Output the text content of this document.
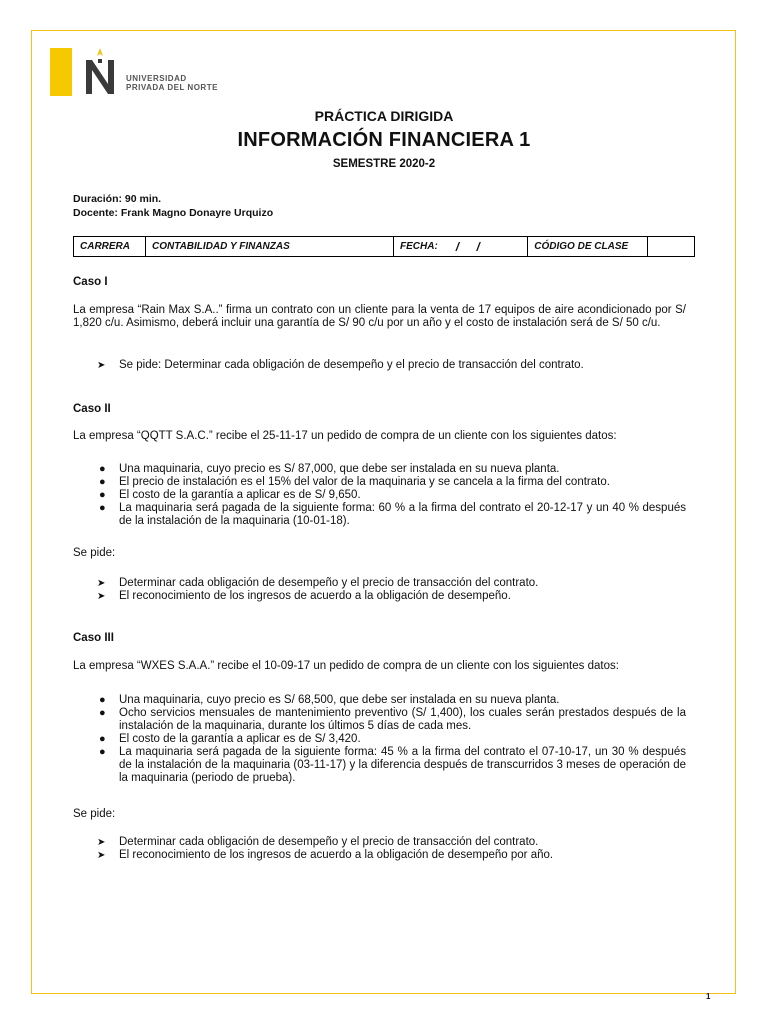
UNIVERSIDAD
PRIVADA DEL NORTE
PRÁCTICA DIRIGIDA
INFORMACIÓN FINANCIERA 1
SEMESTRE 2020-2
Duración: 90 min.
Docente: Frank Magno Donayre Urquizo
CARRERA	CONTABILIDAD Y FINANZAS	FECHA:	/ /	CÓDIGO DE CLASE	
Caso I
La empresa “Rain Max S.A..” firma un contrato con un cliente para la venta de 17 equipos de aire acondicionado por S/ 1,820 c/u. Asimismo, deberá incluir una garantía de S/ 90 c/u por un año y el costo de instalación será de S/ 50 c/u.
➤ Se pide: Determinar cada obligación de desempeño y el precio de transacción del contrato.
Caso II
La empresa “QQTT S.A.C.” recibe el 25-11-17 un pedido de compra de un cliente con los siguientes datos:
● Una maquinaria, cuyo precio es S/ 87,000, que debe ser instalada en su nueva planta.
● El precio de instalación es el 15% del valor de la maquinaria y se cancela a la firma del contrato.
● El costo de la garantía a aplicar es de S/ 9,650.
● La maquinaria será pagada de la siguiente forma: 60 % a la firma del contrato el 20-12-17 y un 40 % después de la instalación de la maquinaria (10-01-18).
Se pide:
➤ Determinar cada obligación de desempeño y el precio de transacción del contrato.
➤ El reconocimiento de los ingresos de acuerdo a la obligación de desempeño.
Caso III
La empresa “WXES S.A.A.” recibe el 10-09-17 un pedido de compra de un cliente con los siguientes datos:
● Una maquinaria, cuyo precio es S/ 68,500, que debe ser instalada en su nueva planta.
● Ocho servicios mensuales de mantenimiento preventivo (S/ 1,400), los cuales serán prestados después de la instalación de la maquinaria, durante los últimos 5 días de cada mes.
● El costo de la garantía a aplicar es de S/ 3,420.
● La maquinaria será pagada de la siguiente forma: 45 % a la firma del contrato el 07-10-17, un 30 % después de la instalación de la maquinaria (03-11-17) y la diferencia después de transcurridos 3 meses de operación de la maquinaria (periodo de prueba).
Se pide:
➤ Determinar cada obligación de desempeño y el precio de transacción del contrato.
➤ El reconocimiento de los ingresos de acuerdo a la obligación de desempeño por año.
1
